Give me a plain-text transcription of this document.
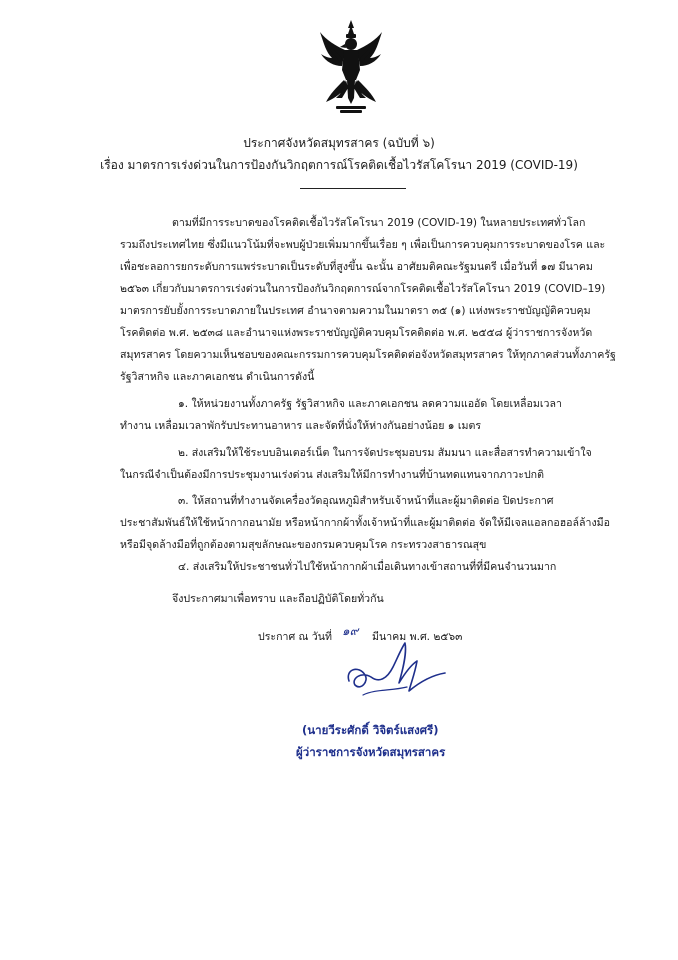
ประกาศจังหวัดสมุทรสาคร (ฉบับที่ ๖)
เรื่อง มาตรการเร่งด่วนในการป้องกันวิกฤตการณ์โรคติดเชื้อไวรัสโคโรนา 2019 (COVID-19)
ตามที่มีการระบาดของโรคติดเชื้อไวรัสโคโรนา 2019 (COVID-19) ในหลายประเทศทั่วโลก
รวมถึงประเทศไทย ซึ่งมีแนวโน้มที่จะพบผู้ป่วยเพิ่มมากขึ้นเรื่อย ๆ เพื่อเป็นการควบคุมการระบาดของโรค และ
เพื่อชะลอการยกระดับการแพร่ระบาดเป็นระดับที่สูงขึ้น ฉะนั้น อาศัยมติคณะรัฐมนตรี เมื่อวันที่ ๑๗ มีนาคม
๒๕๖๓ เกี่ยวกับมาตรการเร่งด่วนในการป้องกันวิกฤตการณ์จากโรคติดเชื้อไวรัสโคโรนา 2019 (COVID–19)
มาตรการยับยั้งการระบาดภายในประเทศ อำนาจตามความในมาตรา ๓๕ (๑) แห่งพระราชบัญญัติควบคุม
โรคติดต่อ พ.ศ. ๒๕๓๘ และอำนาจแห่งพระราชบัญญัติควบคุมโรคติดต่อ พ.ศ. ๒๕๕๘ ผู้ว่าราชการจังหวัด
สมุทรสาคร โดยความเห็นชอบของคณะกรรมการควบคุมโรคติดต่อจังหวัดสมุทรสาคร ให้ทุกภาคส่วนทั้งภาครัฐ
รัฐวิสาหกิจ และภาคเอกชน ดำเนินการดังนี้
๑. ให้หน่วยงานทั้งภาครัฐ รัฐวิสาหกิจ และภาคเอกชน ลดความแออัด โดยเหลื่อมเวลา
ทำงาน เหลื่อมเวลาพักรับประทานอาหาร และจัดที่นั่งให้ห่างกันอย่างน้อย ๑ เมตร
๒. ส่งเสริมให้ใช้ระบบอินเตอร์เน็ต ในการจัดประชุมอบรม สัมมนา และสื่อสารทำความเข้าใจ
ในกรณีจำเป็นต้องมีการประชุมงานเร่งด่วน ส่งเสริมให้มีการทำงานที่บ้านทดแทนจากภาวะปกติ
๓. ให้สถานที่ทำงานจัดเครื่องวัดอุณหภูมิสำหรับเจ้าหน้าที่และผู้มาติดต่อ ปิดประกาศ
ประชาสัมพันธ์ให้ใช้หน้ากากอนามัย หรือหน้ากากผ้าทั้งเจ้าหน้าที่และผู้มาติดต่อ จัดให้มีเจลแอลกอฮอล์ล้างมือ
หรือมีจุดล้างมือที่ถูกต้องตามสุขลักษณะของกรมควบคุมโรค กระทรวงสาธารณสุข
๔. ส่งเสริมให้ประชาชนทั่วไปใช้หน้ากากผ้าเมื่อเดินทางเข้าสถานที่ที่มีคนจำนวนมาก
จึงประกาศมาเพื่อทราบ และถือปฏิบัติโดยทั่วกัน
ประกาศ ณ วันที่ ๑๙ มีนาคม พ.ศ. ๒๕๖๓
(นายวีระศักดิ์ วิจิตร์แสงศรี)
ผู้ว่าราชการจังหวัดสมุทรสาคร
